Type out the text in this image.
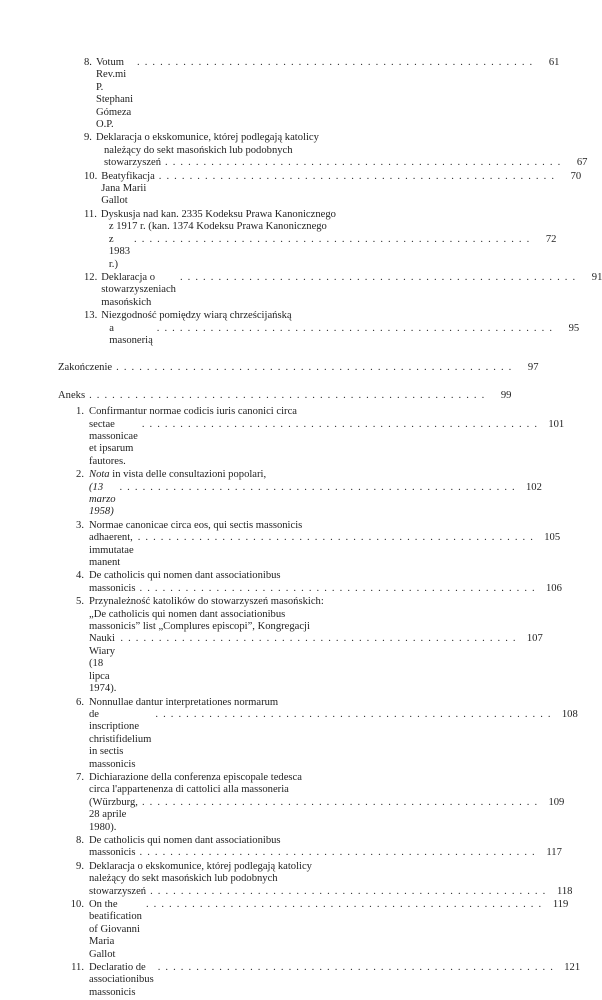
8. Votum Rev.mi P. Stephani Gómeza O.P.
. . . . . . . . . . . . . . . . . . . . . . . . . . . . . . . . . . . . . . . . . . . . . . . . . . . .	61
9. Deklaracja o ekskomunice, której podlegają katolicy
należący do sekt masońskich lub podobnych
stowarzyszeń . . . . . . . . . . . . . . . . . . . . . . . . . . . . . . . . . . . . . . . . . . . . . . . . . . . .	67
10. Beatyfikacja Jana Marii Gallot
. . . . . . . . . . . . . . . . . . . . . . . . . . . . . . . . . . . . . . . . . . . . . . . . . . . .	70
11. Dyskusja nad kan. 2335 Kodeksu Prawa Kanonicznego
z 1917 r. (kan. 1374 Kodeksu Prawa Kanonicznego
z 1983 r.)
. . . . . . . . . . . . . . . . . . . . . . . . . . . . . . . . . . . . . . . . . . . . . . . . . . . .	72
12. Deklaracja o stowarzyszeniach masońskich
. . . . . . . . . . . . . . . . . . . . . . . . . . . . . . . . . . . . . . . . . . . . . . . . . . . .	91
13. Niezgodność pomiędzy wiarą chrześcijańską
a masonerią
. . . . . . . . . . . . . . . . . . . . . . . . . . . . . . . . . . . . . . . . . . . . . . . . . . . .	95
Zakończenie . . . . . . . . . . . . . . . . . . . . . . . . . . . . . . . . . . . . . . . . . . . . . . . . . . . .	97
Aneks . . . . . . . . . . . . . . . . . . . . . . . . . . . . . . . . . . . . . . . . . . . . . . . . . . . .	99
1. Confirmantur normae codicis iuris canonici circa
sectae massonicae et ipsarum fautores.
. . . . . . . . . . . . . . . . . . . . . . . . . . . . . . . . . . . . . . . . . . . . . . . . . . . . 101
2. Nota in vista delle consultazioni popolari,
(13 marzo 1958)
. . . . . . . . . . . . . . . . . . . . . . . . . . . . . . . . . . . . . . . . . . . . . . . . . . . . 102
3. Normae canonicae circa eos, qui sectis massonicis
adhaerent, immutatae manent
. . . . . . . . . . . . . . . . . . . . . . . . . . . . . . . . . . . . . . . . . . . . . . . . . . . . 105
4. De catholicis qui nomen dant associationibus
massonicis . . . . . . . . . . . . . . . . . . . . . . . . . . . . . . . . . . . . . . . . . . . . . . . . . . . . 106
5. Przynależność katolików do stowarzyszeń masońskich:
„De catholicis qui nomen dant associationibus
massonicis” list „Complures episcopi”, Kongregacji
Nauki Wiary (18 lipca 1974).
. . . . . . . . . . . . . . . . . . . . . . . . . . . . . . . . . . . . . . . . . . . . . . . . . . . . 107
6. Nonnullae dantur interpretationes normarum
de inscriptione christifidelium in sectis massonicis
. . . . . . . . . . . . . . . . . . . . . . . . . . . . . . . . . . . . . . . . . . . . . . . . . . . . 108
7. Dichiarazione della conferenza episcopale tedesca
circa l'appartenenza di cattolici alla massoneria
(Würzburg, 28 aprile 1980).
. . . . . . . . . . . . . . . . . . . . . . . . . . . . . . . . . . . . . . . . . . . . . . . . . . . . 109
8. De catholicis qui nomen dant associationibus
massonicis . . . . . . . . . . . . . . . . . . . . . . . . . . . . . . . . . . . . . . . . . . . . . . . . . . . . 117
9. Deklaracja o ekskomunice, której podlegają katolicy
należący do sekt masońskich lub podobnych
stowarzyszeń . . . . . . . . . . . . . . . . . . . . . . . . . . . . . . . . . . . . . . . . . . . . . . . . . . . . 118
10. On the beatification of Giovanni Maria Gallot
. . . . . . . . . . . . . . . . . . . . . . . . . . . . . . . . . . . . . . . . . . . . . . . . . . . . 119
11. Declaratio de associationibus massonicis
. . . . . . . . . . . . . . . . . . . . . . . . . . . . . . . . . . . . . . . . . . . . . . . . . . . . 121
